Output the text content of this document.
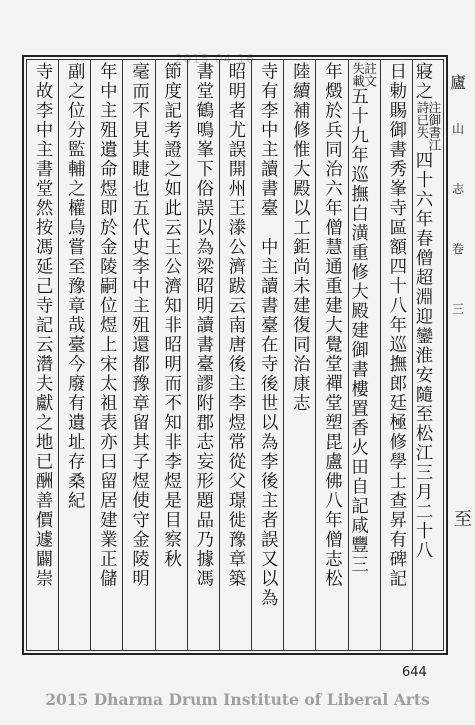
2015-04-16
寢之
注御書江
詩已失
四十六年春僧超淵迎鑾淮安隨至松江三月二十八
日勅賜御書秀峯寺區額四十八年巡撫郎廷極修學士查昇有碑記
註文
失載
五十九年巡撫白潢重修大殿建御書樓置香火田自記咸豐三
年燬於兵同治六年僧慧通重建大覺堂禪堂塑毘盧佛八年僧志松
陸續補修惟大殿以工鉅尚未建復同治康志
寺有李中主讀書臺　中主讀書臺在寺後世以為李後主者誤又以為
昭明者尤誤開州王漛公濟跋云南唐後主李煜常從父璟徙豫章築
書堂鶴鳴峯下俗誤以為梁昭明讀書臺謬附郡志妄形題品乃據馮
節度記考證之如此云王公濟知非昭明而不知非李煜是目察秋
毫而不見其睫也五代史李中主殂還都豫章留其子煜使守金陵明
年中主殂遺命煜即於金陵嗣位煜上宋太祖表亦曰留居建業正儲
副之位分監輔之權烏嘗至豫章哉臺今廢有遺址存桑紀
寺故李中主書堂然按馮延己寺記云濳夫獻之地已酬善價遽闢崇	廬
山
志
卷
三
至
644
2015 Dharma Drum Institute of Liberal Arts
